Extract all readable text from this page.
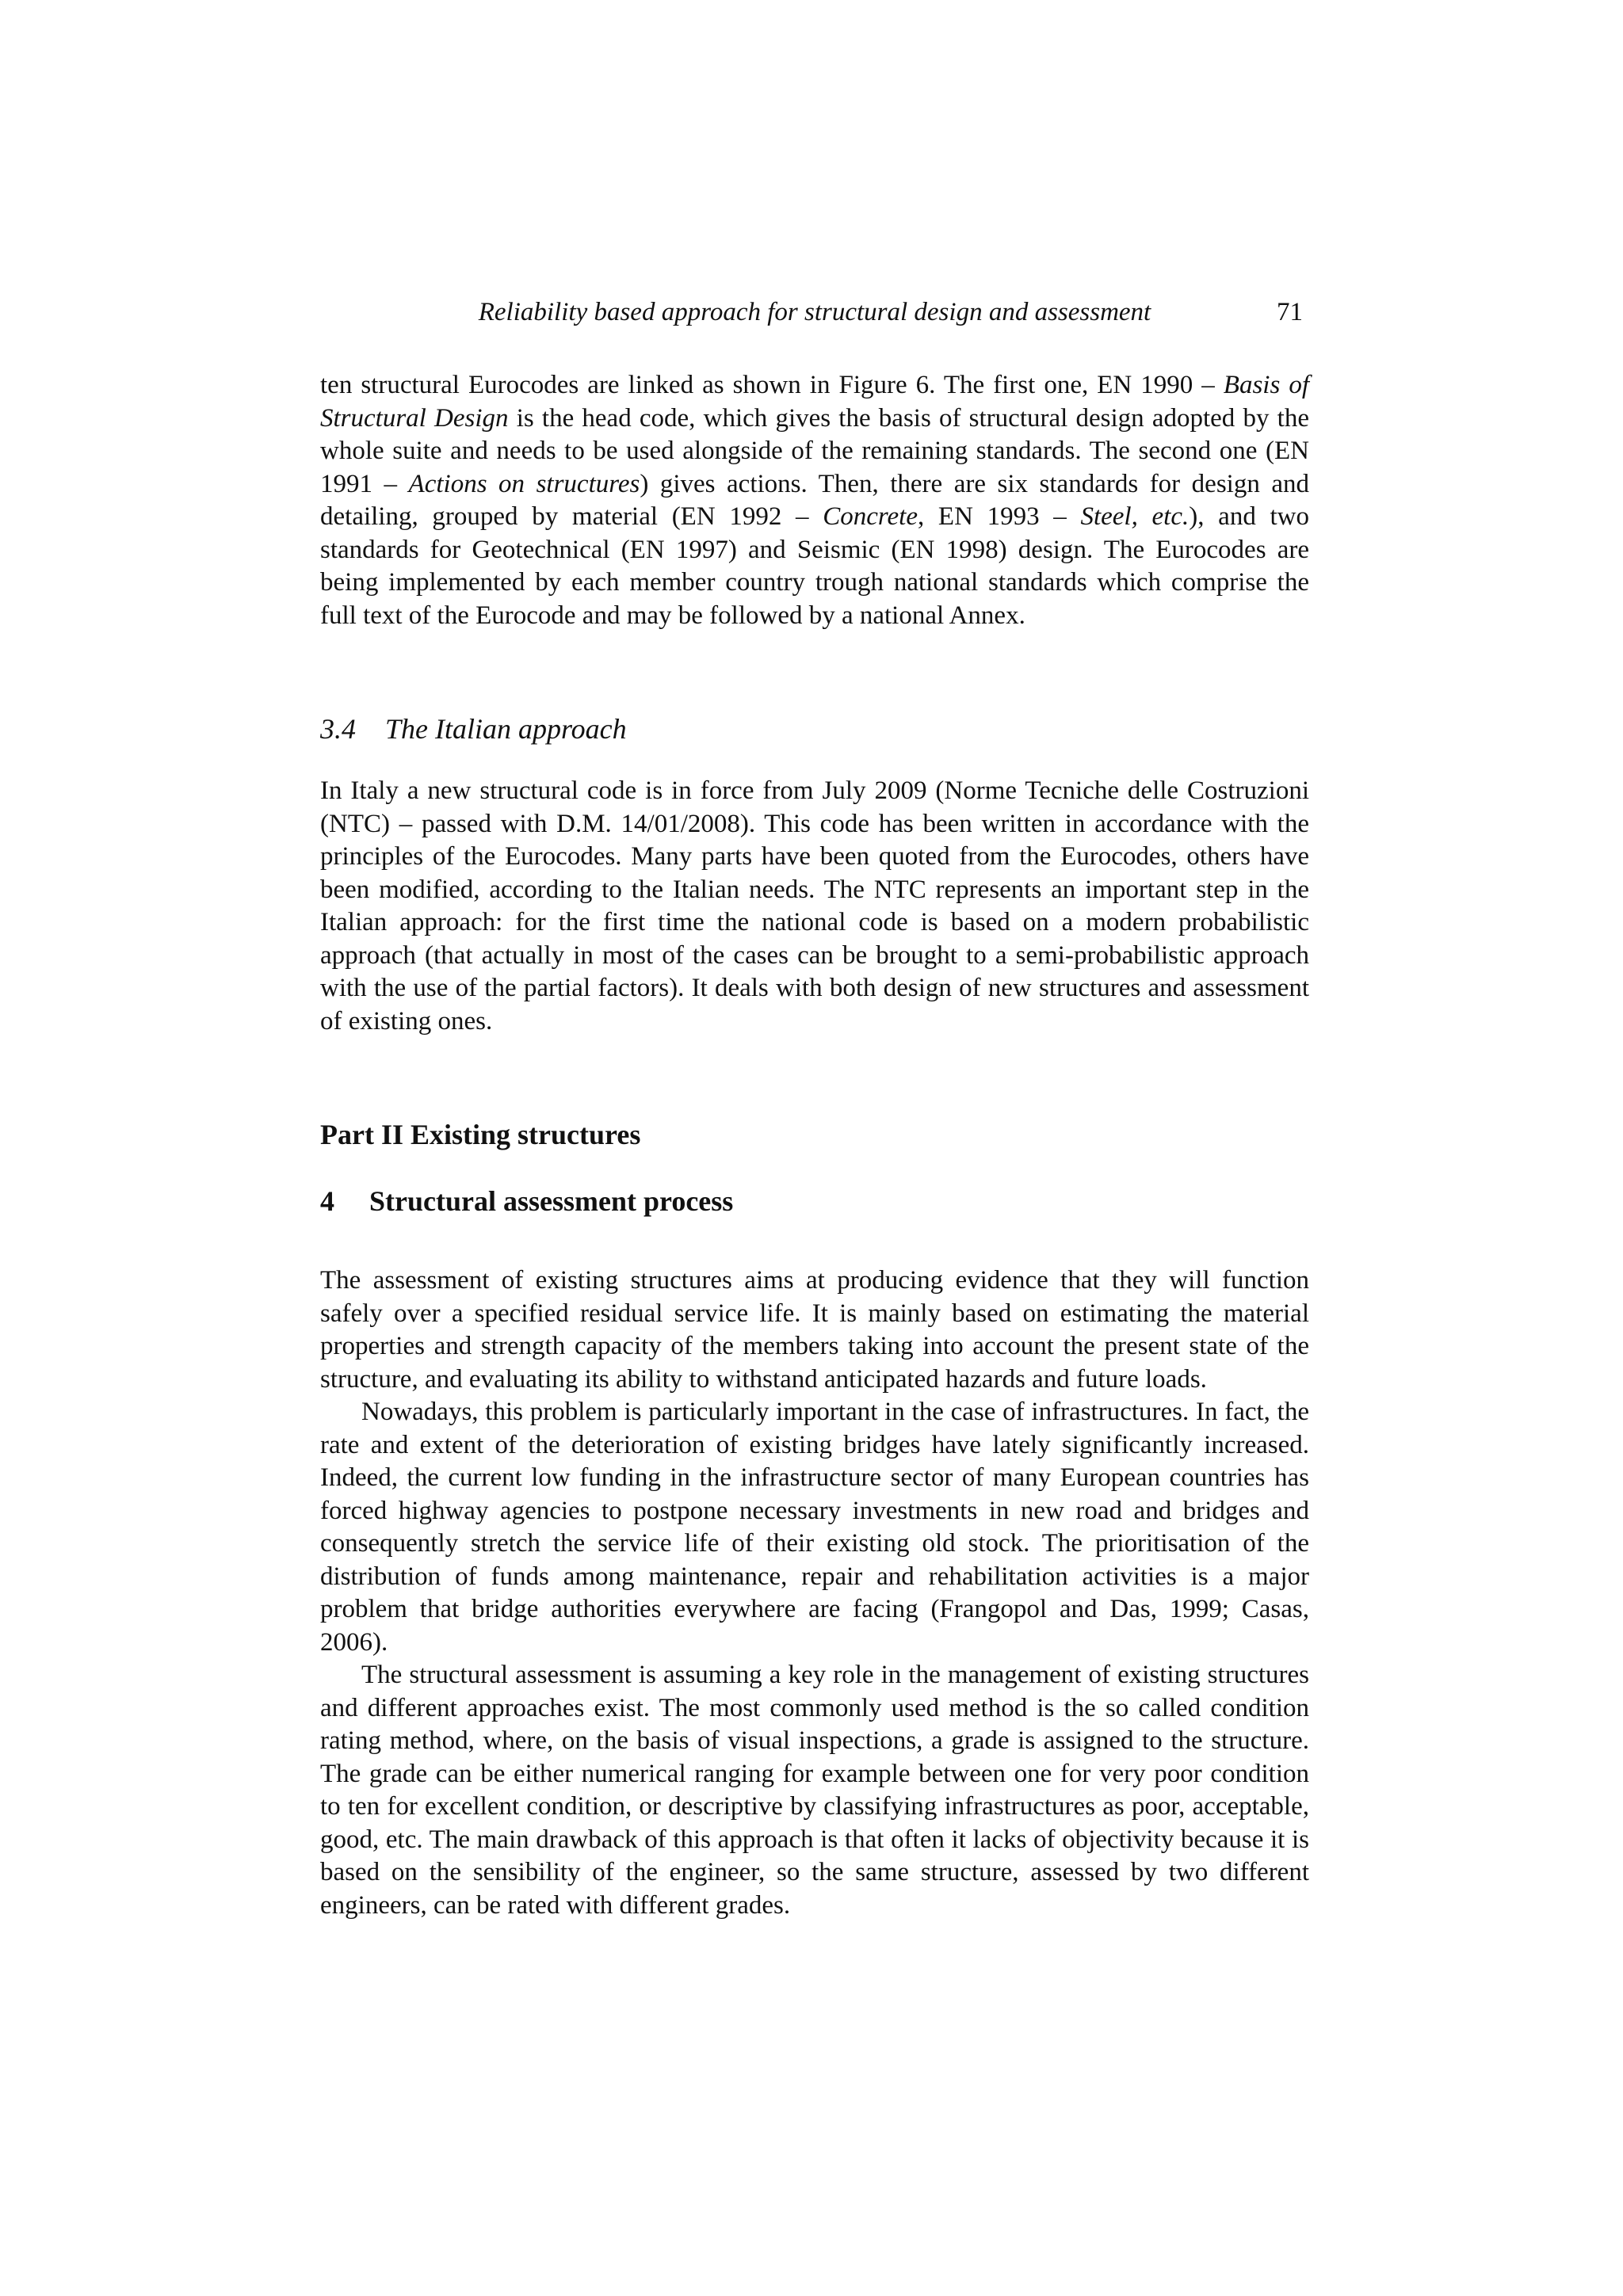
Reliability based approach for structural design and assessment	71

ten structural Eurocodes are linked as shown in Figure 6. The first one, EN 1990 – Basis of Structural Design is the head code, which gives the basis of structural design adopted by the whole suite and needs to be used alongside of the remaining standards. The second one (EN 1991 – Actions on structures) gives actions. Then, there are six standards for design and detailing, grouped by material (EN 1992 – Concrete, EN 1993 – Steel, etc.), and two standards for Geotechnical (EN 1997) and Seismic (EN 1998) design. The Eurocodes are being implemented by each member country trough national standards which comprise the full text of the Eurocode and may be followed by a national Annex.

3.4 The Italian approach

In Italy a new structural code is in force from July 2009 (Norme Tecniche delle Costruzioni (NTC) – passed with D.M. 14/01/2008). This code has been written in accordance with the principles of the Eurocodes. Many parts have been quoted from the Eurocodes, others have been modified, according to the Italian needs. The NTC represents an important step in the Italian approach: for the first time the national code is based on a modern probabilistic approach (that actually in most of the cases can be brought to a semi-probabilistic approach with the use of the partial factors). It deals with both design of new structures and assessment of existing ones.

Part II Existing structures
4 Structural assessment process

The assessment of existing structures aims at producing evidence that they will function safely over a specified residual service life. It is mainly based on estimating the material properties and strength capacity of the members taking into account the present state of the structure, and evaluating its ability to withstand anticipated hazards and future loads.

Nowadays, this problem is particularly important in the case of infrastructures. In fact, the rate and extent of the deterioration of existing bridges have lately significantly increased. Indeed, the current low funding in the infrastructure sector of many European countries has forced highway agencies to postpone necessary investments in new road and bridges and consequently stretch the service life of their existing old stock. The prioritisation of the distribution of funds among maintenance, repair and rehabilitation activities is a major problem that bridge authorities everywhere are facing (Frangopol and Das, 1999; Casas, 2006).

The structural assessment is assuming a key role in the management of existing structures and different approaches exist. The most commonly used method is the so called condition rating method, where, on the basis of visual inspections, a grade is assigned to the structure. The grade can be either numerical ranging for example between one for very poor condition to ten for excellent condition, or descriptive by classifying infrastructures as poor, acceptable, good, etc. The main drawback of this approach is that often it lacks of objectivity because it is based on the sensibility of the engineer, so the same structure, assessed by two different engineers, can be rated with different grades.
